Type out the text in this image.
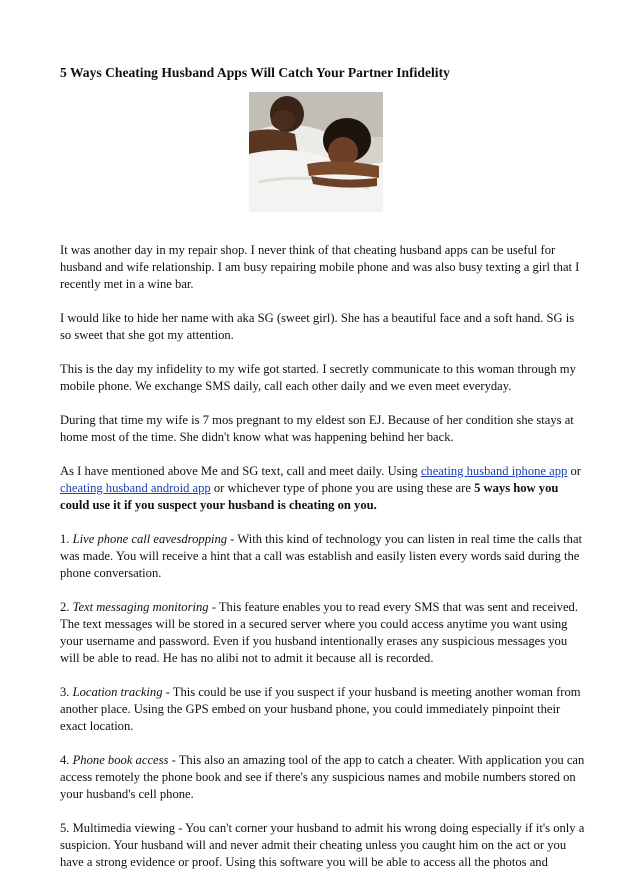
5 Ways Cheating Husband Apps Will Catch Your Partner Infidelity

It was another day in my repair shop. I never think of that cheating husband apps can be useful for husband and wife relationship. I am busy repairing mobile phone and was also busy texting a girl that I recently met in a wine bar.

I would like to hide her name with aka SG (sweet girl). She has a beautiful face and a soft hand. SG is so sweet that she got my attention.

This is the day my infidelity to my wife got started. I secretly communicate to this woman through my mobile phone. We exchange SMS daily, call each other daily and we even meet everyday.

During that time my wife is 7 mos pregnant to my eldest son EJ. Because of her condition she stays at home most of the time. She didn't know what was happening behind her back.

As I have mentioned above Me and SG text, call and meet daily. Using cheating husband iphone app or cheating husband android app or whichever type of phone you are using these are 5 ways how you could use it if you suspect your husband is cheating on you.

1. Live phone call eavesdropping - With this kind of technology you can listen in real time the calls that was made. You will receive a hint that a call was establish and easily listen every words said during the phone conversation.

2. Text messaging monitoring - This feature enables you to read every SMS that was sent and received. The text messages will be stored in a secured server where you could access anytime you want using your username and password. Even if you husband intentionally erases any suspicious messages you will be able to read. He has no alibi not to admit it because all is recorded.

3. Location tracking - This could be use if you suspect if your husband is meeting another woman from another place. Using the GPS embed on your husband phone, you could immediately pinpoint their exact location.

4. Phone book access - This also an amazing tool of the app to catch a cheater. With application you can access remotely the phone book and see if there's any suspicious names and mobile numbers stored on your husband's cell phone.

5. Multimedia viewing - You can't corner your husband to admit his wrong doing especially if it's only a suspicion. Your husband will and never admit their cheating unless you caught him on the act or you have a strong evidence or proof. Using this software you will be able to access all the photos and
